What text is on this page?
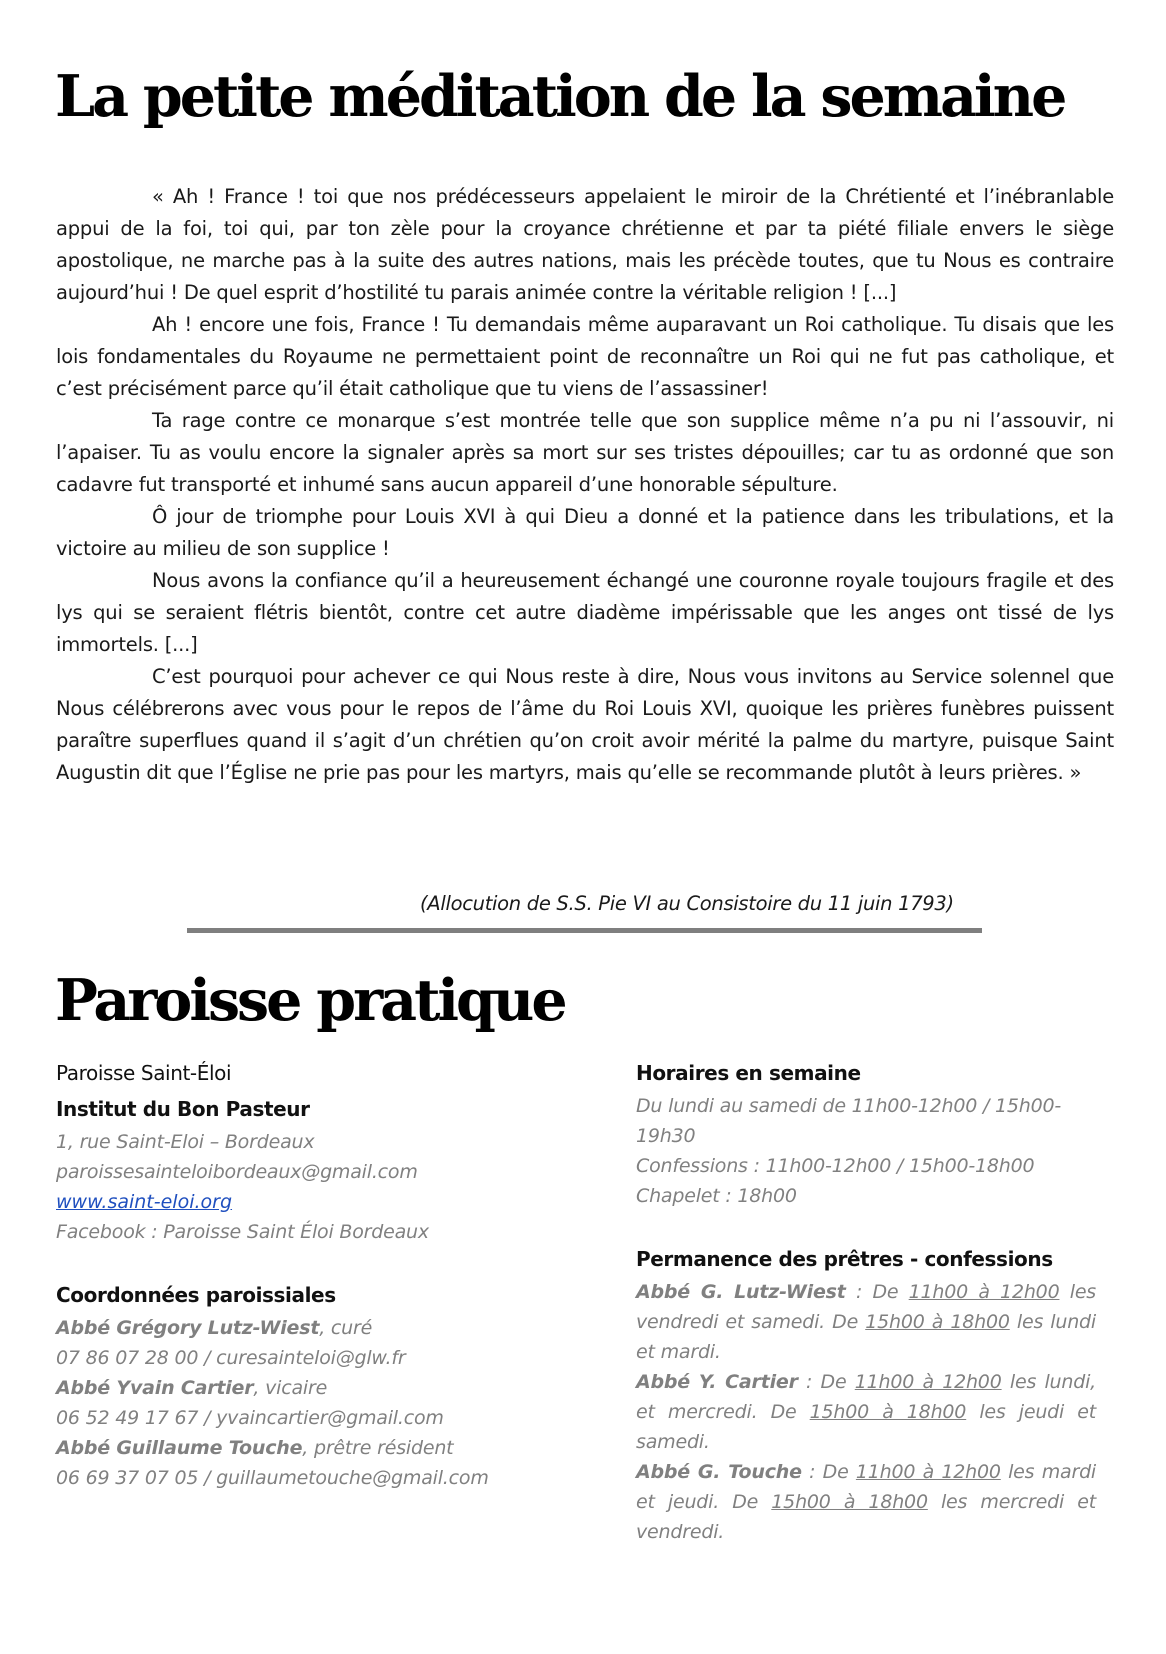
La petite méditation de la semaine

« Ah ! France ! toi que nos prédécesseurs appelaient le miroir de la Chrétienté et l’inébranlable appui de la foi, toi qui, par ton zèle pour la croyance chrétienne et par ta piété filiale envers le siège apostolique, ne marche pas à la suite des autres nations, mais les précède toutes, que tu Nous es contraire aujourd’hui ! De quel esprit d’hostilité tu parais animée contre la véritable religion ! [...]

Ah ! encore une fois, France ! Tu demandais même auparavant un Roi catholique. Tu disais que les lois fondamentales du Royaume ne permettaient point de reconnaître un Roi qui ne fut pas catholique, et c’est précisément parce qu’il était catholique que tu viens de l’assassiner!

Ta rage contre ce monarque s’est montrée telle que son supplice même n’a pu ni l’assouvir, ni l’apaiser. Tu as voulu encore la signaler après sa mort sur ses tristes dépouilles; car tu as ordonné que son cadavre fut transporté et inhumé sans aucun appareil d’une honorable sépulture.

Ô jour de triomphe pour Louis XVI à qui Dieu a donné et la patience dans les tribulations, et la victoire au milieu de son supplice !

Nous avons la confiance qu’il a heureusement échangé une couronne royale toujours fragile et des lys qui se seraient flétris bientôt, contre cet autre diadème impérissable que les anges ont tissé de lys immortels. [...]

C’est pourquoi pour achever ce qui Nous reste à dire, Nous vous invitons au Service solennel que Nous célébrerons avec vous pour le repos de l’âme du Roi Louis XVI, quoique les prières funèbres puissent paraître superflues quand il s’agit d’un chrétien qu’on croit avoir mérité la palme du martyre, puisque Saint Augustin dit que l’Église ne prie pas pour les martyrs, mais qu’elle se recommande plutôt à leurs prières. »

(Allocution de S.S. Pie VI au Consistoire du 11 juin 1793)
Paroisse pratique
Paroisse Saint-Éloi
Institut du Bon Pasteur
1, rue Saint-Eloi – Bordeaux
paroissesainteloibordeaux@gmail.com
www.saint-eloi.org
Facebook : Paroisse Saint Éloi Bordeaux
Coordonnées paroissiales
Abbé Grégory Lutz-Wiest, curé
07 86 07 28 00 / curesainteloi@glw.fr
Abbé Yvain Cartier, vicaire
06 52 49 17 67 / yvaincartier@gmail.com
Abbé Guillaume Touche, prêtre résident
06 69 37 07 05 / guillaumetouche@gmail.com
Horaires en semaine
Du lundi au samedi de 11h00-12h00 / 15h00-19h30
Confessions : 11h00-12h00 / 15h00-18h00
Chapelet : 18h00
Permanence des prêtres - confessions
Abbé G. Lutz-Wiest : De 11h00 à 12h00 les vendredi et samedi. De 15h00 à 18h00 les lundi et mardi.
Abbé Y. Cartier : De 11h00 à 12h00 les lundi, et mercredi. De 15h00 à 18h00 les jeudi et samedi.
Abbé G. Touche : De 11h00 à 12h00 les mardi et jeudi. De 15h00 à 18h00 les mercredi et vendredi.
